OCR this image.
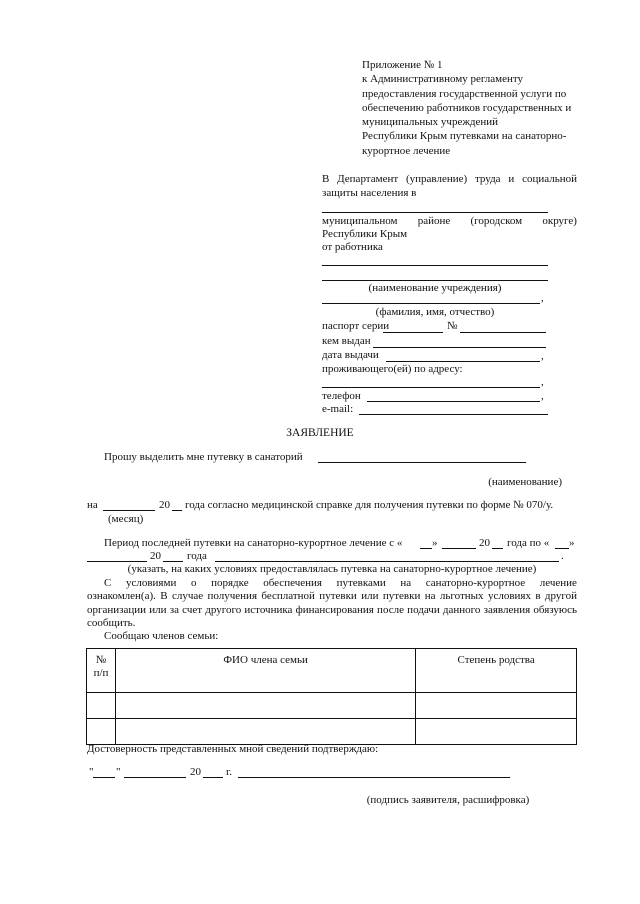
Приложение № 1
к Административному регламенту
предоставления государственной услуги по
обеспечению работников государственных и
муниципальных учреждений
Республики Крым путевками на санаторно-
курортное лечение
В Департамент (управление) труда и социальной
защиты населения в
муниципальном районе (городском округе)
Республики Крым
от работника
(наименование учреждения)
,
(фамилия, имя, отчество)
паспорт серии	№
кем выдан
дата выдачи	,
проживающего(ей) по адресу:
,
телефон	,
e-mail:
ЗАЯВЛЕНИЕ
Прошу выделить мне путевку в санаторий
(наименование)
на	20 года согласно медицинской справке для получения путевки по форме № 070/у.
(месяц)
Период последней путевки на санаторно-курортное лечение с «	»	20 года по « »
20 года	.
(указать, на каких условиях предоставлялась путевка на санаторно-курортное лечение)
С условиями о порядке обеспечения путевками на санаторно-курортное лечение
ознакомлен(а). В случае получения бесплатной путевки или путевки на льготных условиях в другой организации или за счет другого источника финансирования после подачи данного заявления обязуюсь сообщить.
Сообщаю членов семьи:
№ п/п	ФИО члена семьи	Степень родства

Достоверность представленных мной сведений подтверждаю:
" "	20 г.
(подпись заявителя, расшифровка)
